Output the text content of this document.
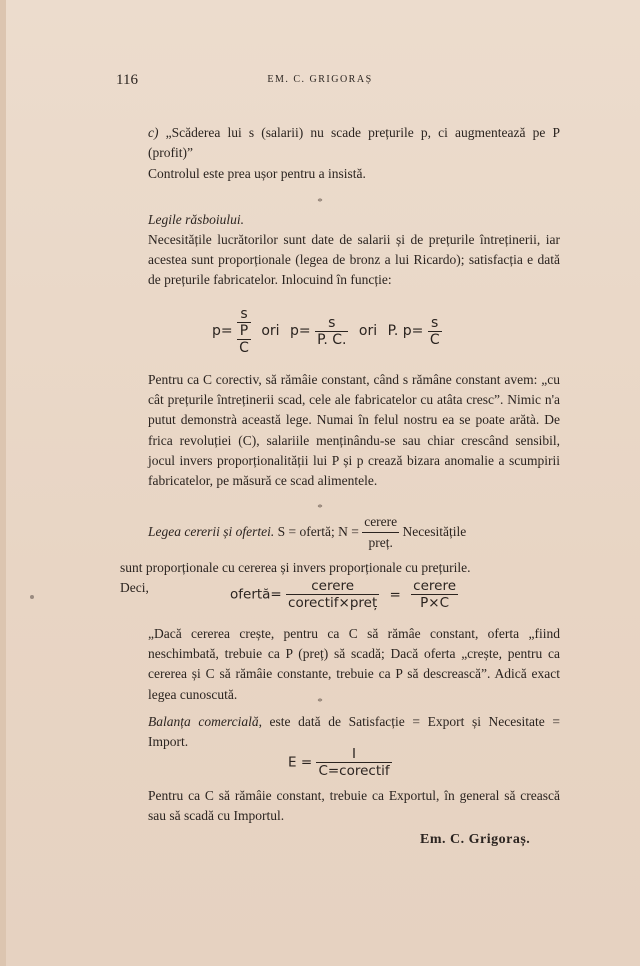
116	EM. C. GRIGORAȘ

c) „Scăderea lui s (salarii) nu scade prețurile p, ci augmentează pe P (profit)”

Controlul este prea ușor pentru a insistă.

*

Legile răsboiului.

Necesitățile lucrătorilor sunt date de salarii și de prețurile întreținerii, iar acestea sunt proporționale (legea de bronz a lui Ricardo); satisfacția e dată de prețurile fabricatelor. Inlocuind în funcție:

p=
s
P
C
ori $p= \frac{s}{P. C.}$ ori P. $p= \frac{s}{C}$

Pentru ca C corectiv, să rămâie constant, când s rămâne constant avem: „cu cât prețurile întreținerii scad, cele ale fabricatelor cu atâta cresc”. Nimic n'a putut demonstrà această lege. Numai în felul nostru ea se poate arătà. De frica revoluției (C), salariile menținându-se sau chiar crescând sensibil, jocul invers proporționalității lui P și p crează bizara anomalie a scumpirii fabricatelor, pe măsură ce scad alimentele.

*
Legea cererii și ofertei. S = ofertă; $N = \frac{\text{cerere}}{\text{preț.}}$ Necesitățile

sunt proporționale cu cererea și invers proporționale cu prețurile.

Deci,	ofertă= $\frac{\text{cerere}}{\text{corectif×preț}} = \frac{\text{cerere}}{P\times C}$

„Dacă cererea crește, pentru ca C să rămâe constant, oferta „fiind neschimbată, trebuie ca P (preț) să scadă; Dacă oferta „crește, pentru ca cererea și C să rămâie constante, trebuie ca P să descrească”. Adică exact legea cunoscută.

*

Balanța comercială, este dată de Satisfacție = Export și Necesitate = Import.

$E = \frac{I}{\text{C=corectif}}$

Pentru ca C să rămâie constant, trebuie ca Exportul, în general să crească sau să scadă cu Importul.

Em. C. Grigoraș.
